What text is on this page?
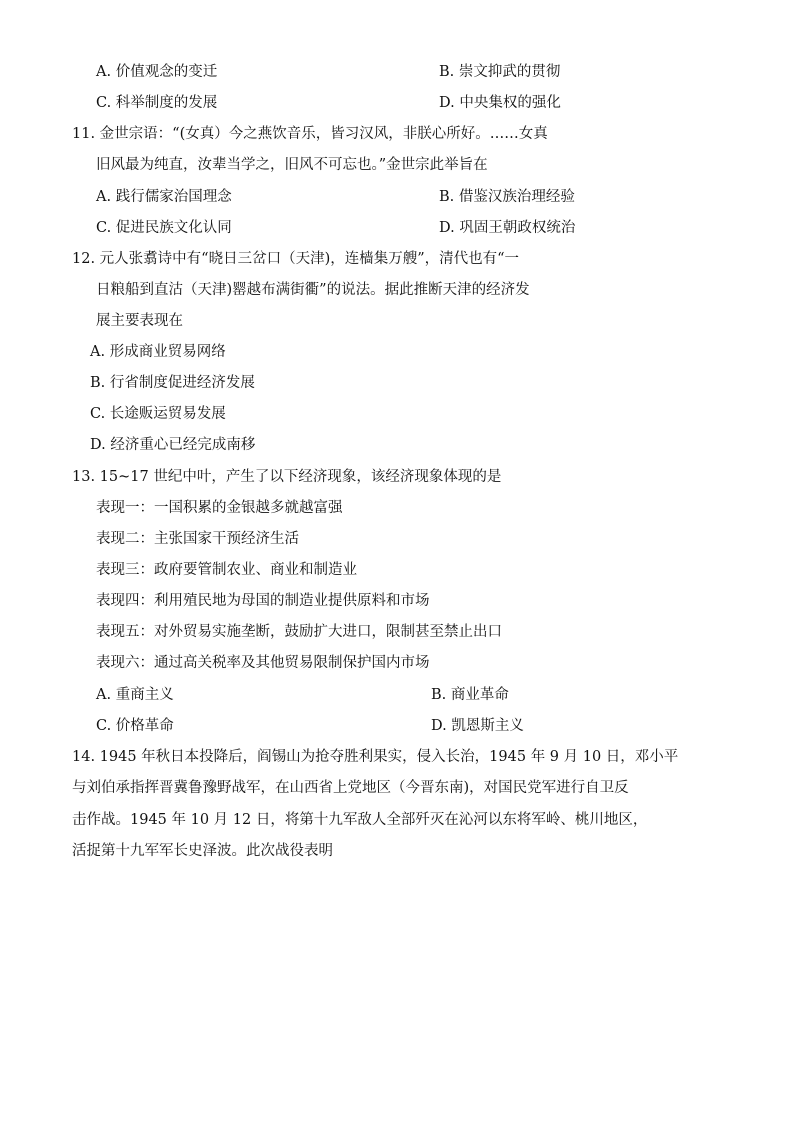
A. 价值观念的变迁	B. 崇文抑武的贯彻
C. 科举制度的发展	D. 中央集权的强化
11. 金世宗语：“(女真）今之燕饮音乐，皆习汉风，非朕心所好。……女真
旧风最为纯直，汝辈当学之，旧风不可忘也。”金世宗此举旨在
A. 践行儒家治国理念	B. 借鉴汉族治理经验
C. 促进民族文化认同	D. 巩固王朝政权统治
12. 元人张翥诗中有“晓日三岔口（天津)，连樯集万艘”，清代也有“一
日粮船到直沽（天津)罂越布满街衢”的说法。据此推断天津的经济发
展主要表现在
A. 形成商业贸易网络
B. 行省制度促进经济发展
C. 长途贩运贸易发展
D. 经济重心已经完成南移
13. 15~17 世纪中叶，产生了以下经济现象，该经济现象体现的是
表现一：一国积累的金银越多就越富强
表现二：主张国家干预经济生活
表现三：政府要管制农业、商业和制造业
表现四：利用殖民地为母国的制造业提供原料和市场
表现五：对外贸易实施垄断，鼓励扩大进口，限制甚至禁止出口
表现六：通过高关税率及其他贸易限制保护国内市场
A. 重商主义	B. 商业革命
C. 价格革命	D. 凯恩斯主义
14. 1945 年秋日本投降后，阎锡山为抢夺胜利果实，侵入长治，1945 年 9 月 10 日，邓小平
与刘伯承指挥晋冀鲁豫野战军，在山西省上党地区（今晋东南)，对国民党军进行自卫反
击作战。1945 年 10 月 12 日，将第十九军敌人全部歼灭在沁河以东将军岭、桃川地区，
活捉第十九军军长史泽波。此次战役表明
